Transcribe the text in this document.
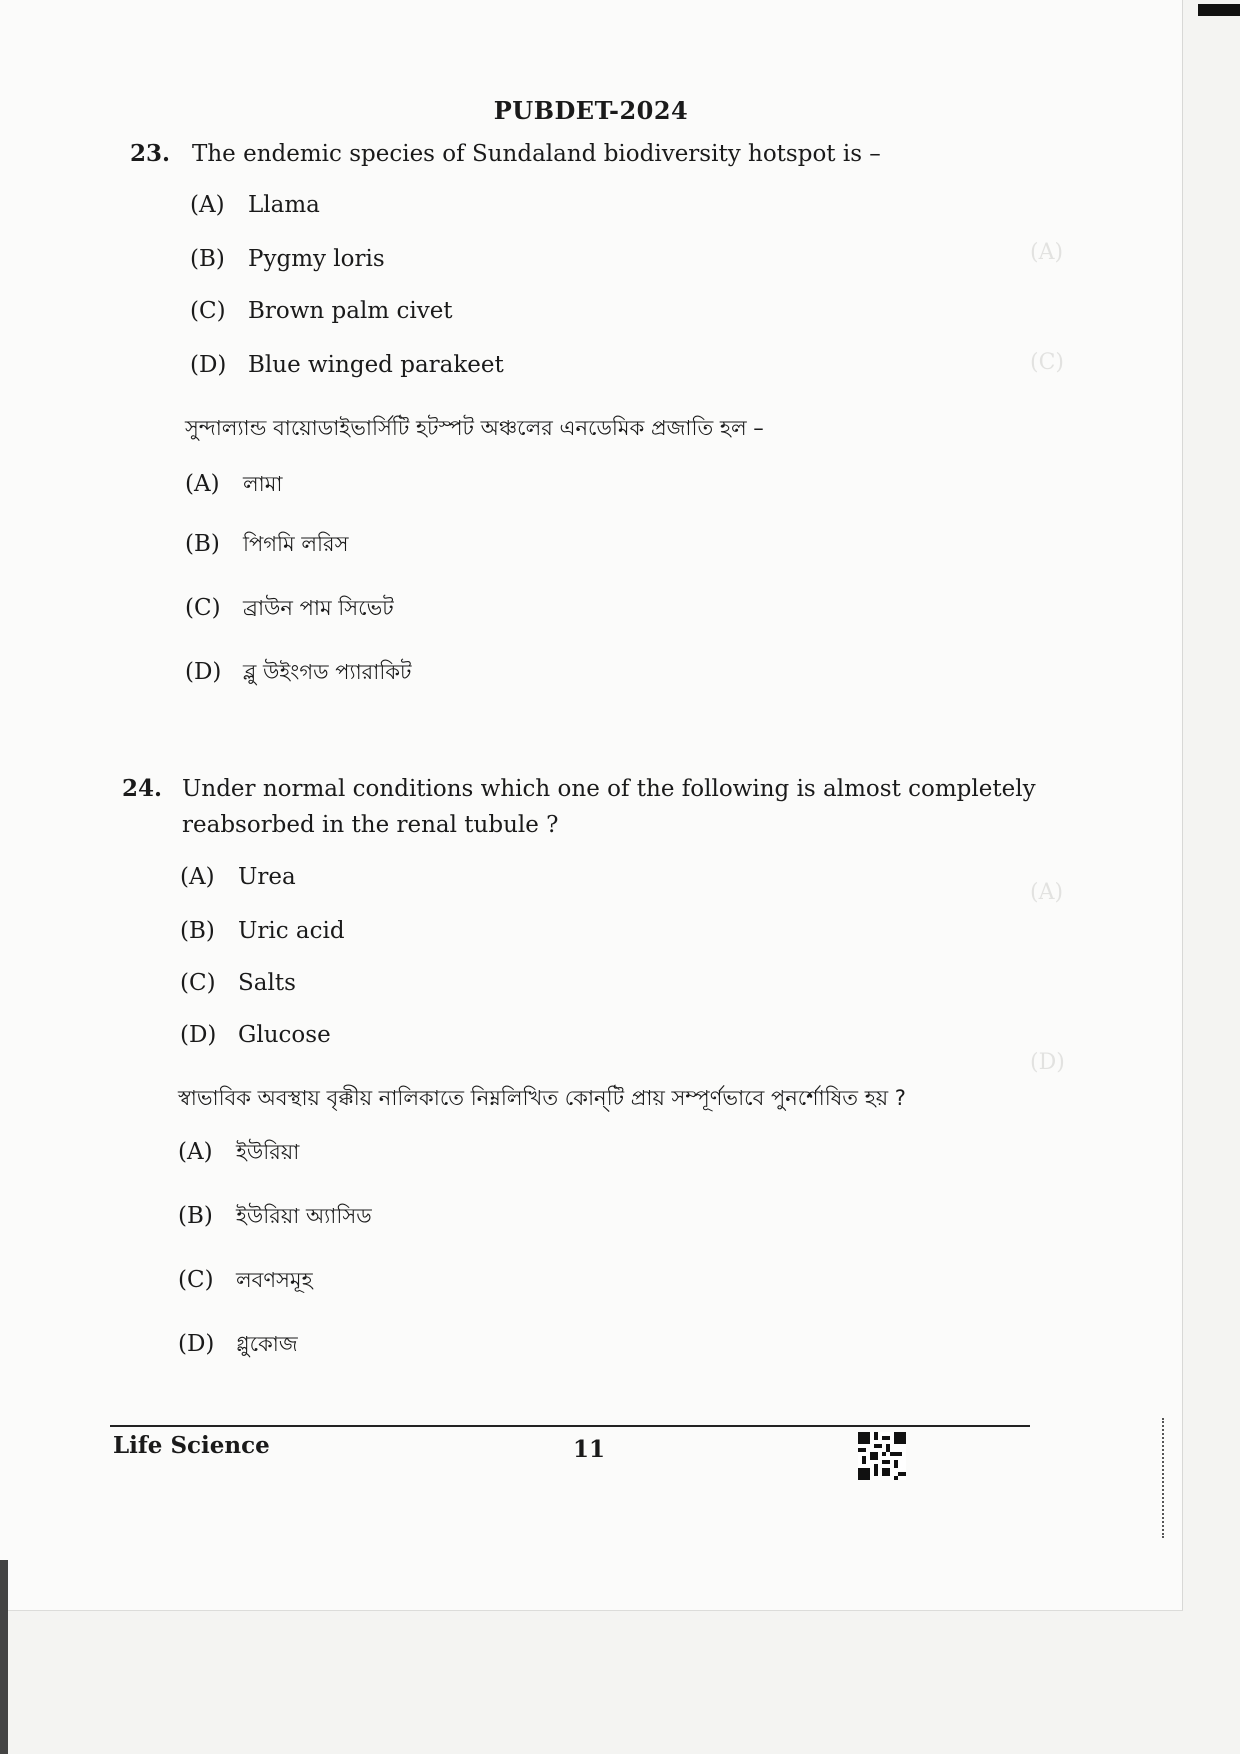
(A)
(C)
(A)
(D)
PUBDET-2024
23. The endemic species of Sundaland biodiversity hotspot is –
(A) Llama
(B) Pygmy loris
(C) Brown palm civet
(D) Blue winged parakeet
সুন্দাল্যান্ড বায়োডাইভার্সিটি হটস্পট অঞ্চলের এনডেমিক প্রজাতি হল –
(A) লামা
(B) পিগমি লরিস
(C) ব্রাউন পাম সিভেট
(D) ব্লু উইংগড প্যারাকিট
24. Under normal conditions which one of the following is almost completely reabsorbed in the renal tubule ?
(A) Urea
(B) Uric acid
(C) Salts
(D) Glucose
স্বাভাবিক অবস্থায় বৃক্কীয় নালিকাতে নিম্নলিখিত কোন্‌টি প্রায় সম্পূর্ণভাবে পুনর্শোষিত হয় ?
(A) ইউরিয়া
(B) ইউরিয়া অ্যাসিড
(C) লবণসমূহ
(D) গ্লুকোজ
Life Science	11
